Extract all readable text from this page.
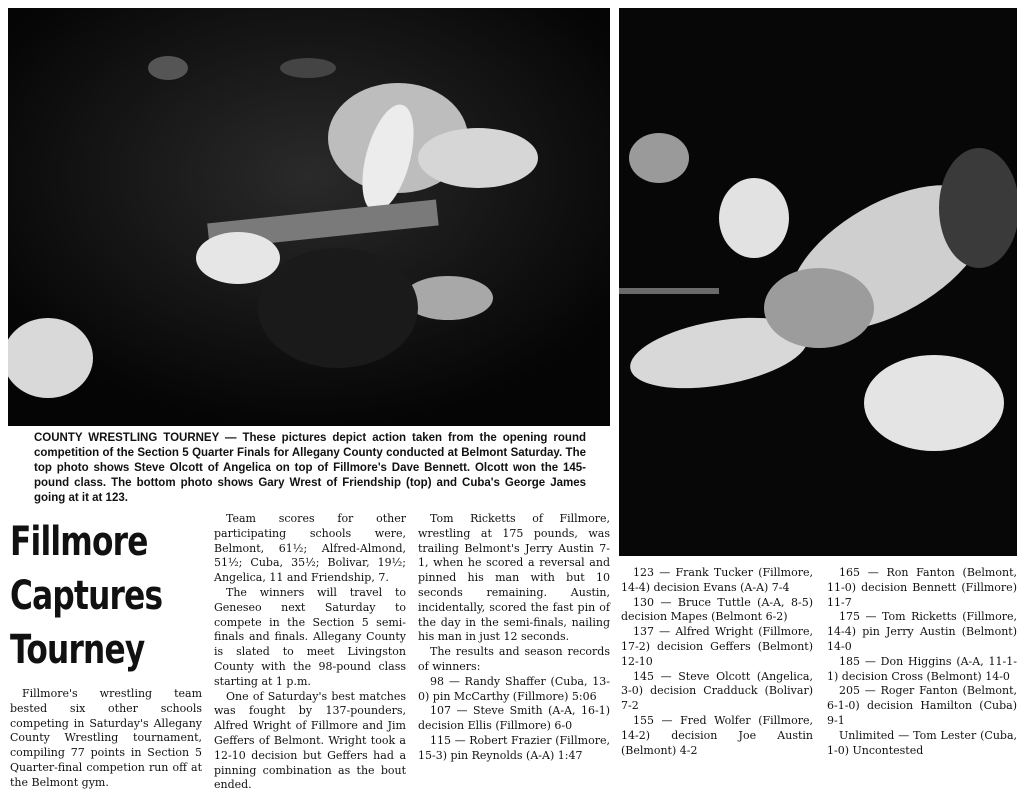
COUNTY WRESTLING TOURNEY — These pictures depict action taken from the opening round competition of the Section 5 Quarter Finals for Allegany County conducted at Belmont Saturday. The top photo shows Steve Olcott of Angelica on top of Fillmore's Dave Bennett. Olcott won the 145-pound class. The bottom photo shows Gary Wrest of Friendship (top) and Cuba's George James going at it at 123.

Fillmore
Captures
Tourney

Fillmore's wrestling team bested six other schools competing in Saturday's Allegany County Wrestling tournament, compiling 77 points in Section 5 Quarter-final competion run off at the Belmont gym.

Team scores for other participating schools were, Belmont, 61½; Alfred-Almond, 51½; Cuba, 35½; Bolivar, 19½; Angelica, 11 and Friendship, 7.

The winners will travel to Geneseo next Saturday to compete in the Section 5 semi-finals and finals. Allegany County is slated to meet Livingston County with the 98-pound class starting at 1 p.m.

One of Saturday's best matches was fought by 137-pounders, Alfred Wright of Fillmore and Jim Geffers of Belmont. Wright took a 12-10 decision but Geffers had a pinning combination as the bout ended.

Tom Ricketts of Fillmore, wrestling at 175 pounds, was trailing Belmont's Jerry Austin 7-1, when he scored a reversal and pinned his man with but 10 seconds remaining. Austin, incidentally, scored the fast pin of the day in the semi-finals, nailing his man in just 12 seconds.

The results and season records of winners:

98 — Randy Shaffer (Cuba, 13-0) pin McCarthy (Fillmore) 5:06

107 — Steve Smith (A-A, 16-1) decision Ellis (Fillmore) 6-0

115 — Robert Frazier (Fillmore, 15-3) pin Reynolds (A-A) 1:47

123 — Frank Tucker (Fillmore, 14-4) decision Evans (A-A) 7-4

130 — Bruce Tuttle (A-A, 8-5) decision Mapes (Belmont 6-2)

137 — Alfred Wright (Fillmore, 17-2) decision Geffers (Belmont) 12-10

145 — Steve Olcott (Angelica, 3-0) decision Cradduck (Bolivar) 7-2

155 — Fred Wolfer (Fillmore, 14-2) decision Joe Austin (Belmont) 4-2

165 — Ron Fanton (Belmont, 11-0) decision Bennett (Fillmore) 11-7

175 — Tom Ricketts (Fillmore, 14-4) pin Jerry Austin (Belmont) 14-0

185 — Don Higgins (A-A, 11-1-1) decision Cross (Belmont) 14-0

205 — Roger Fanton (Belmont, 6-1-0) decision Hamilton (Cuba) 9-1

Unlimited — Tom Lester (Cuba, 1-0) Uncontested
